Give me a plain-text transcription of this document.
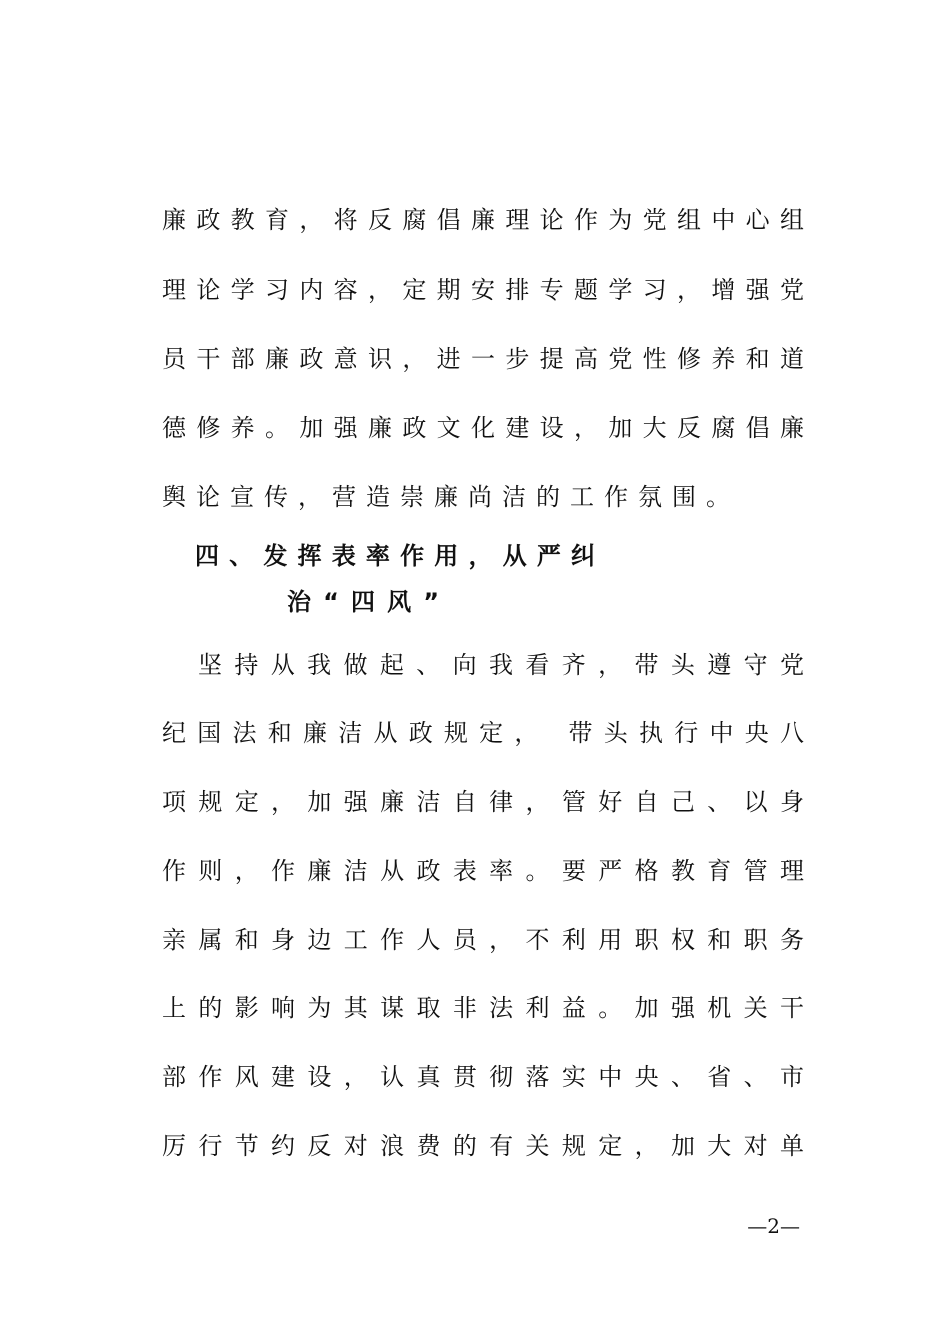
廉政教育，将反腐倡廉理论作为党组中心组
理论学习内容，定期安排专题学习，增强党
员干部廉政意识，进一步提高党性修养和道
德修养。加强廉政文化建设，加大反腐倡廉
舆论宣传，营造崇廉尚洁的工作氛围。
四、发挥表率作用，从严纠
治“四风”
坚持从我做起、向我看齐，带头遵守党
纪国法和廉洁从政规定， 带头执行中央八
项规定，加强廉洁自律，管好自己、以身
作则，作廉洁从政表率。要严格教育管理
亲属和身边工作人员，不利用职权和职务
上的影响为其谋取非法利益。加强机关干
部作风建设，认真贯彻落实中央、省、市
厉行节约反对浪费的有关规定，加大对单
—2—
